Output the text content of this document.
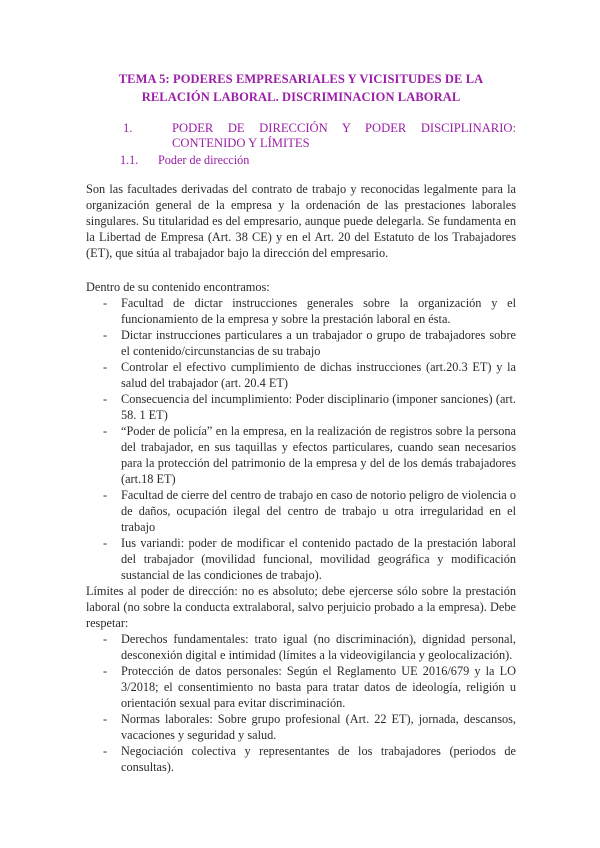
TEMA 5: PODERES EMPRESARIALES Y VICISITUDES DE LA RELACIÓN LABORAL. DISCRIMINACION LABORAL
1.	PODER DE DIRECCIÓN Y PODER DISCIPLINARIO: CONTENIDO Y LÍMITES
1.1. Poder de dirección
Son las facultades derivadas del contrato de trabajo y reconocidas legalmente para la organización general de la empresa y la ordenación de las prestaciones laborales singulares. Su titularidad es del empresario, aunque puede delegarla. Se fundamenta en la Libertad de Empresa (Art. 38 CE) y en el Art. 20 del Estatuto de los Trabajadores (ET), que sitúa al trabajador bajo la dirección del empresario.
Dentro de su contenido encontramos:
- Facultad de dictar instrucciones generales sobre la organización y el funcionamiento de la empresa y sobre la prestación laboral en ésta.
- Dictar instrucciones particulares a un trabajador o grupo de trabajadores sobre el contenido/circunstancias de su trabajo
- Controlar el efectivo cumplimiento de dichas instrucciones (art.20.3 ET) y la salud del trabajador (art. 20.4 ET)
- Consecuencia del incumplimiento: Poder disciplinario (imponer sanciones) (art. 58. 1 ET)
- “Poder de policía” en la empresa, en la realización de registros sobre la persona del trabajador, en sus taquillas y efectos particulares, cuando sean necesarios para la protección del patrimonio de la empresa y del de los demás trabajadores (art.18 ET)
- Facultad de cierre del centro de trabajo en caso de notorio peligro de violencia o de daños, ocupación ilegal del centro de trabajo u otra irregularidad en el trabajo
- Ius variandi: poder de modificar el contenido pactado de la prestación laboral del trabajador (movilidad funcional, movilidad geográfica y modificación sustancial de las condiciones de trabajo).
Límites al poder de dirección: no es absoluto; debe ejercerse sólo sobre la prestación laboral (no sobre la conducta extralaboral, salvo perjuicio probado a la empresa). Debe respetar:
- Derechos fundamentales: trato igual (no discriminación), dignidad personal, desconexión digital e intimidad (límites a la videovigilancia y geolocalización).
- Protección de datos personales: Según el Reglamento UE 2016/679 y la LO 3/2018; el consentimiento no basta para tratar datos de ideología, religión u orientación sexual para evitar discriminación.
- Normas laborales: Sobre grupo profesional (Art. 22 ET), jornada, descansos, vacaciones y seguridad y salud.
- Negociación colectiva y representantes de los trabajadores (periodos de consultas).
